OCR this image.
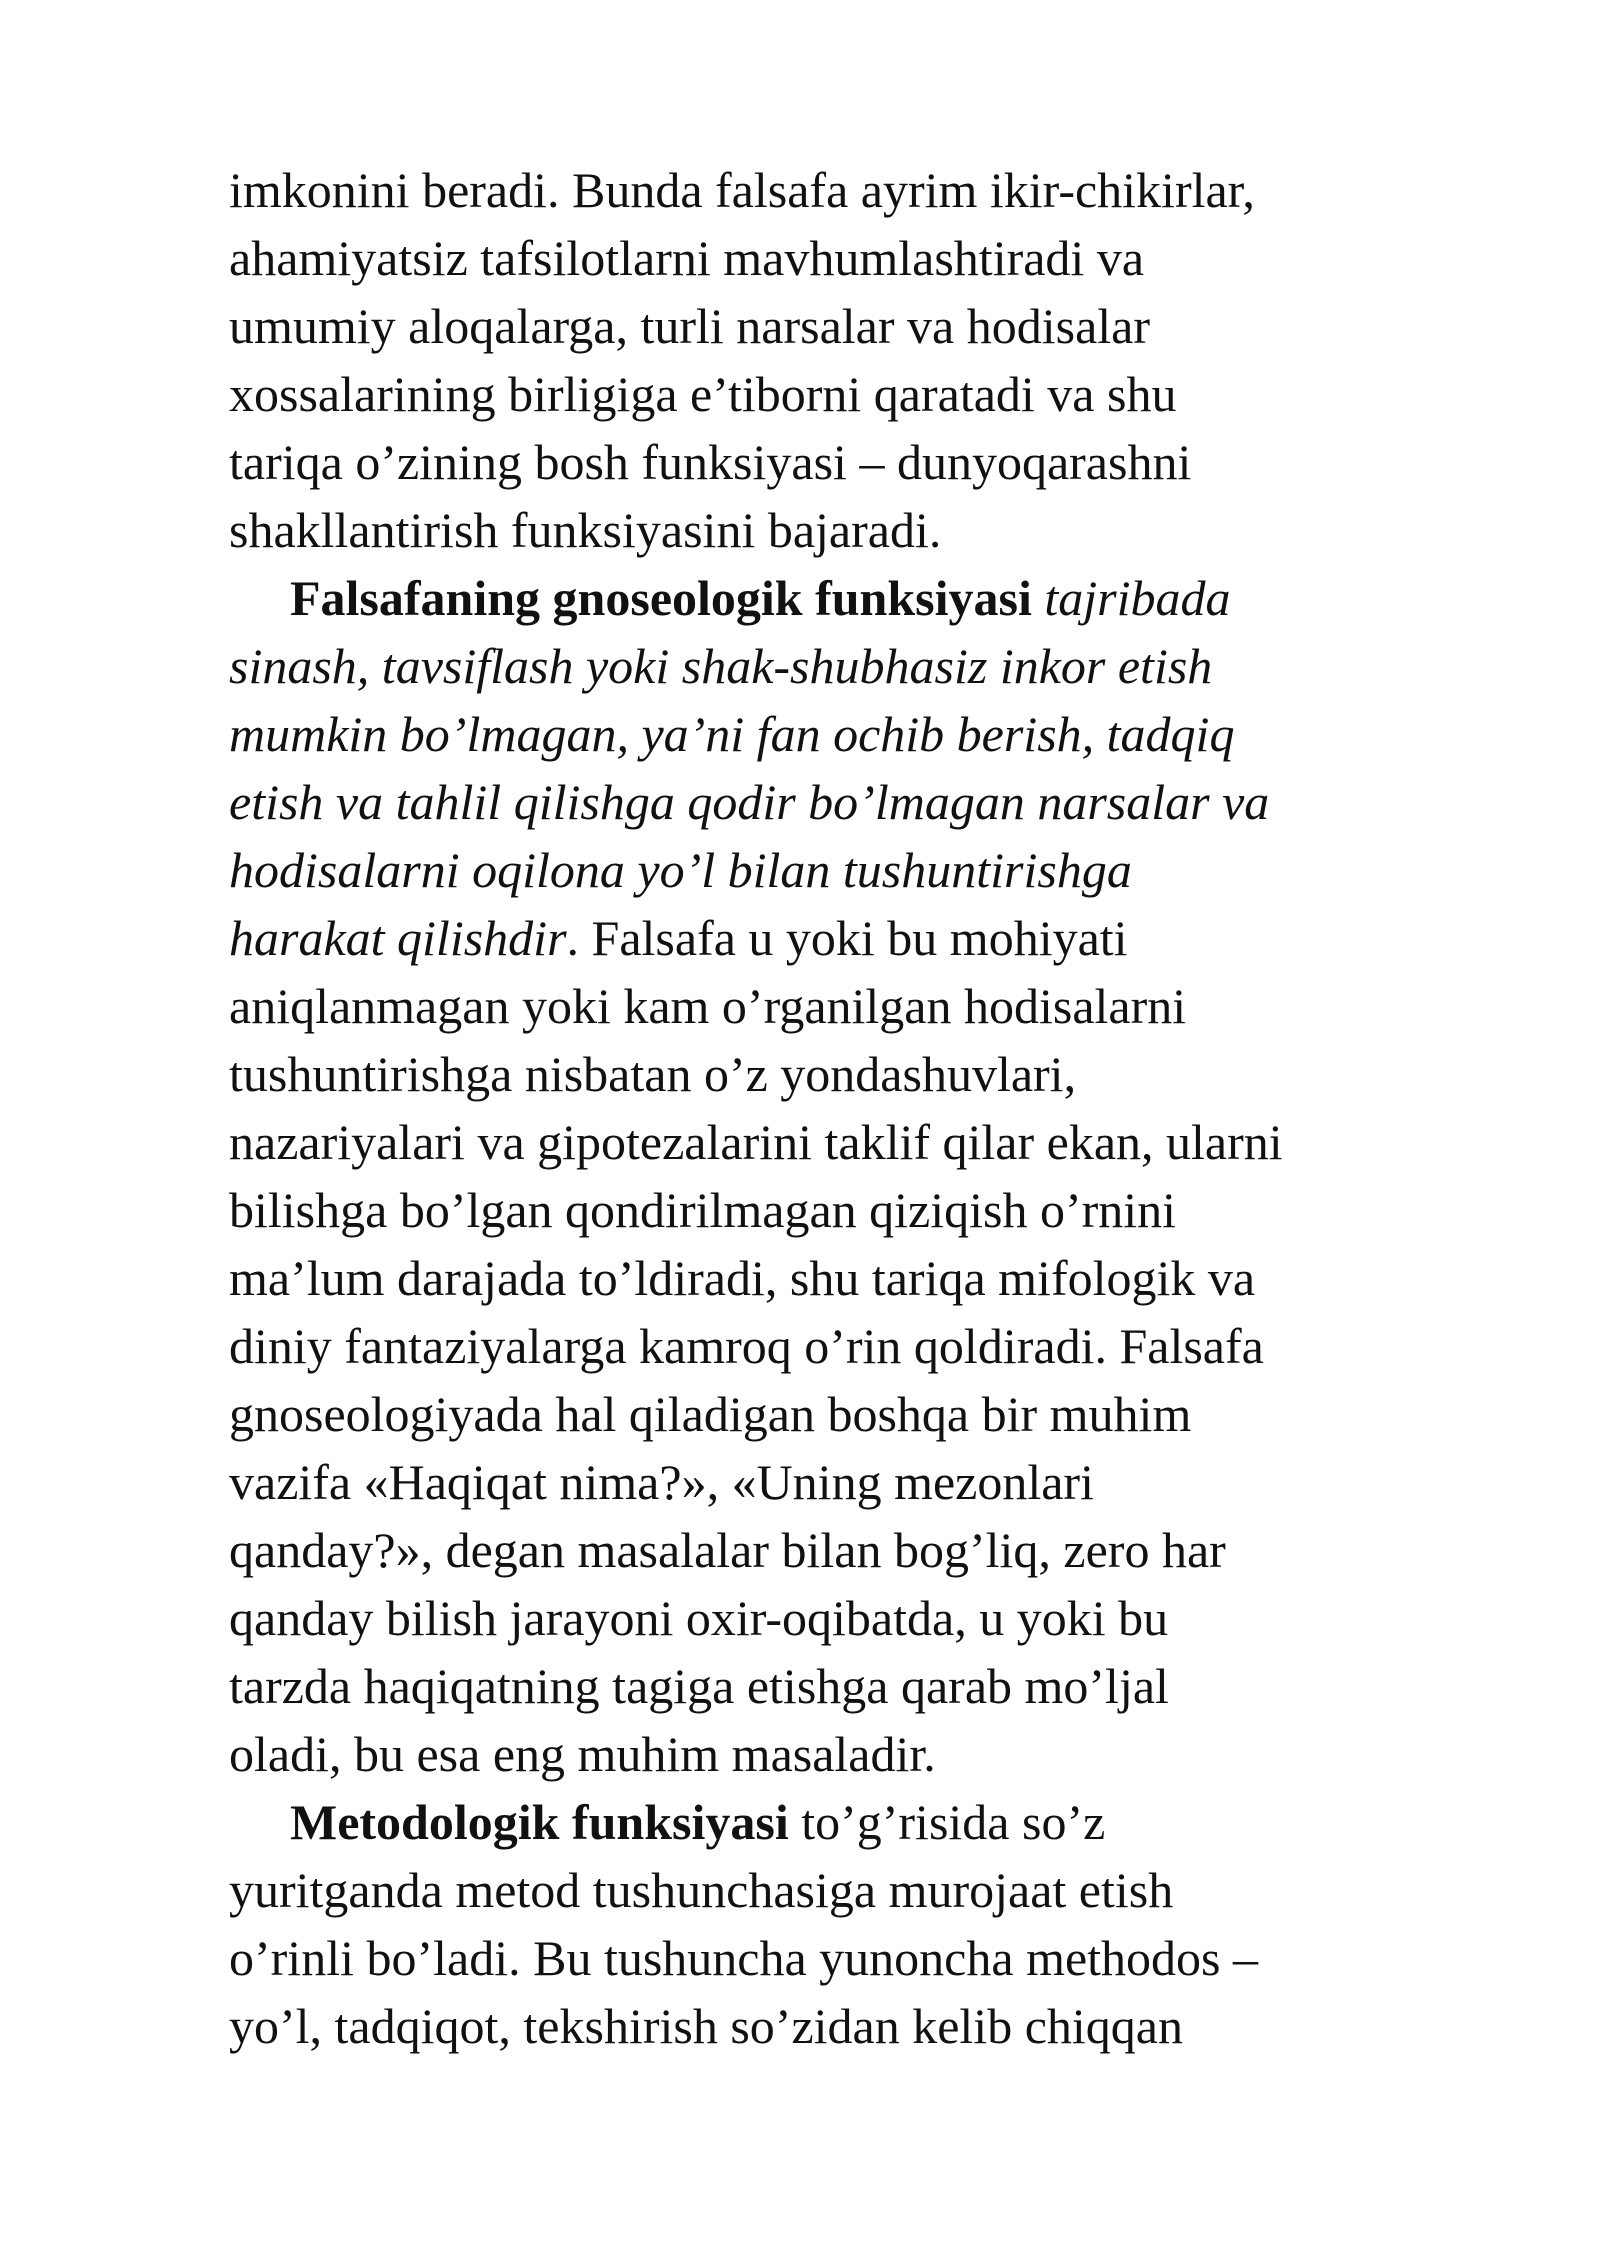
imkonini beradi. Bunda falsafa ayrim ikir-chikirlar,
ahamiyatsiz tafsilotlarni mavhumlashtiradi va
umumiy aloqalarga, turli narsalar va hodisalar
xossalarining birligiga e’tiborni qaratadi va shu
tariqa o’zining bosh funksiyasi – dunyoqarashni
shakllantirish funksiyasini bajaradi.
Falsafaning gnoseologik funksiyasi tajribada
sinash, tavsiflash yoki shak-shubhasiz inkor etish
mumkin bo’lmagan, ya’ni fan ochib berish, tadqiq
etish va tahlil qilishga qodir bo’lmagan narsalar va
hodisalarni oqilona yo’l bilan tushuntirishga
harakat qilishdir. Falsafa u yoki bu mohiyati
aniqlanmagan yoki kam o’rganilgan hodisalarni
tushuntirishga nisbatan o’z yondashuvlari,
nazariyalari va gipotezalarini taklif qilar ekan, ularni
bilishga bo’lgan qondirilmagan qiziqish o’rnini
ma’lum darajada to’ldiradi, shu tariqa mifologik va
diniy fantaziyalarga kamroq o’rin qoldiradi. Falsafa
gnoseologiyada hal qiladigan boshqa bir muhim
vazifa «Haqiqat nima?», «Uning mezonlari
qanday?», degan masalalar bilan bog’liq, zero har
qanday bilish jarayoni oxir-oqibatda, u yoki bu
tarzda haqiqatning tagiga etishga qarab mo’ljal
oladi, bu esa eng muhim masaladir.
Metodologik funksiyasi to’g’risida so’z
yuritganda metod tushunchasiga murojaat etish
o’rinli bo’ladi. Bu tushuncha yunoncha methodos –
yo’l, tadqiqot, tekshirish so’zidan kelib chiqqan
